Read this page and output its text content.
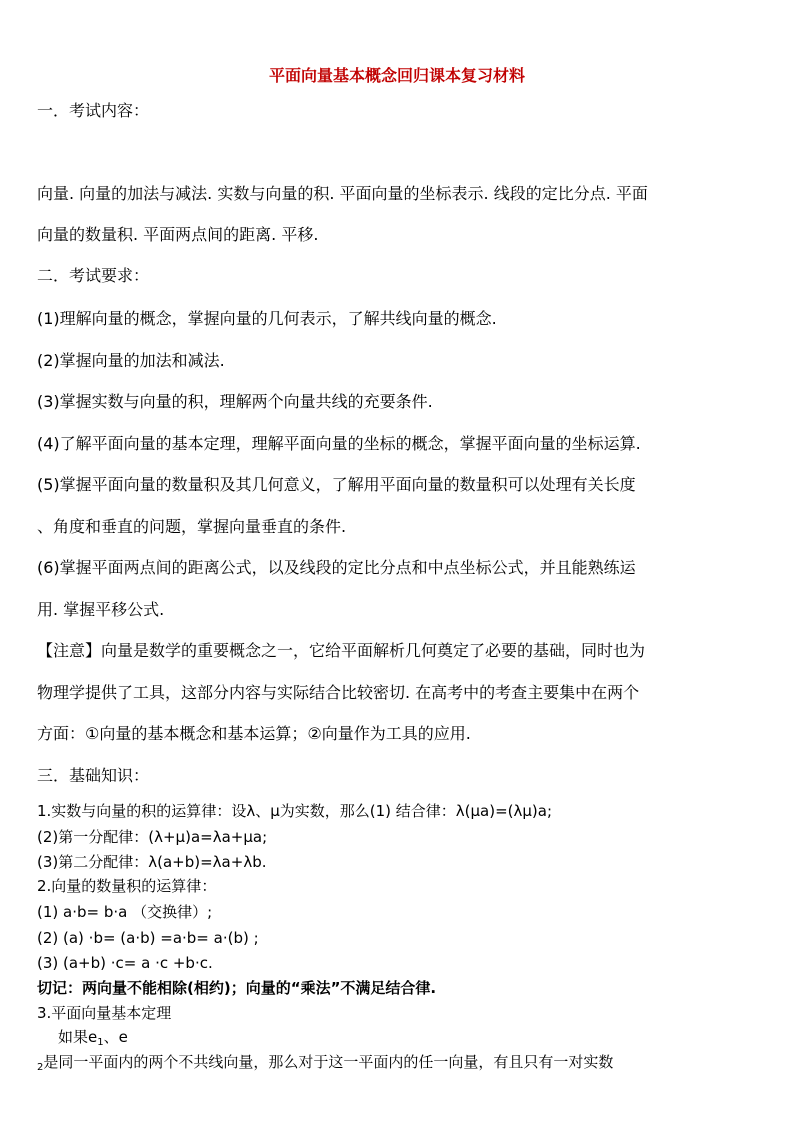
平面向量基本概念回归课本复习材料
一．考试内容：
向量. 向量的加法与减法. 实数与向量的积. 平面向量的坐标表示. 线段的定比分点. 平面
向量的数量积. 平面两点间的距离. 平移.
二．考试要求：
(1)理解向量的概念，掌握向量的几何表示，了解共线向量的概念.
(2)掌握向量的加法和减法.
(3)掌握实数与向量的积，理解两个向量共线的充要条件.
(4)了解平面向量的基本定理，理解平面向量的坐标的概念，掌握平面向量的坐标运算.
(5)掌握平面向量的数量积及其几何意义，了解用平面向量的数量积可以处理有关长度
、角度和垂直的问题，掌握向量垂直的条件.
(6)掌握平面两点间的距离公式，以及线段的定比分点和中点坐标公式，并且能熟练运
用. 掌握平移公式.
【注意】向量是数学的重要概念之一，它给平面解析几何奠定了必要的基础，同时也为
物理学提供了工具，这部分内容与实际结合比较密切. 在高考中的考查主要集中在两个
方面：①向量的基本概念和基本运算；②向量作为工具的应用.
三．基础知识：
1.实数与向量的积的运算律：设λ、μ为实数，那么(1) 结合律：λ(μa)=(λμ)a;
(2)第一分配律：(λ+μ)a=λa+μa;
(3)第二分配律：λ(a+b)=λa+λb.
2.向量的数量积的运算律：
(1) a·b= b·a （交换律）;
(2) (a) ·b= (a·b) =a·b= a·(b) ;
(3) (a+b) ·c= a ·c +b·c.
切记：两向量不能相除(相约)；向量的“乘法”不满足结合律.
3.平面向量基本定理
如果$e_1$、e
$_2$是同一平面内的两个不共线向量，那么对于这一平面内的任一向量，有且只有一对实数
